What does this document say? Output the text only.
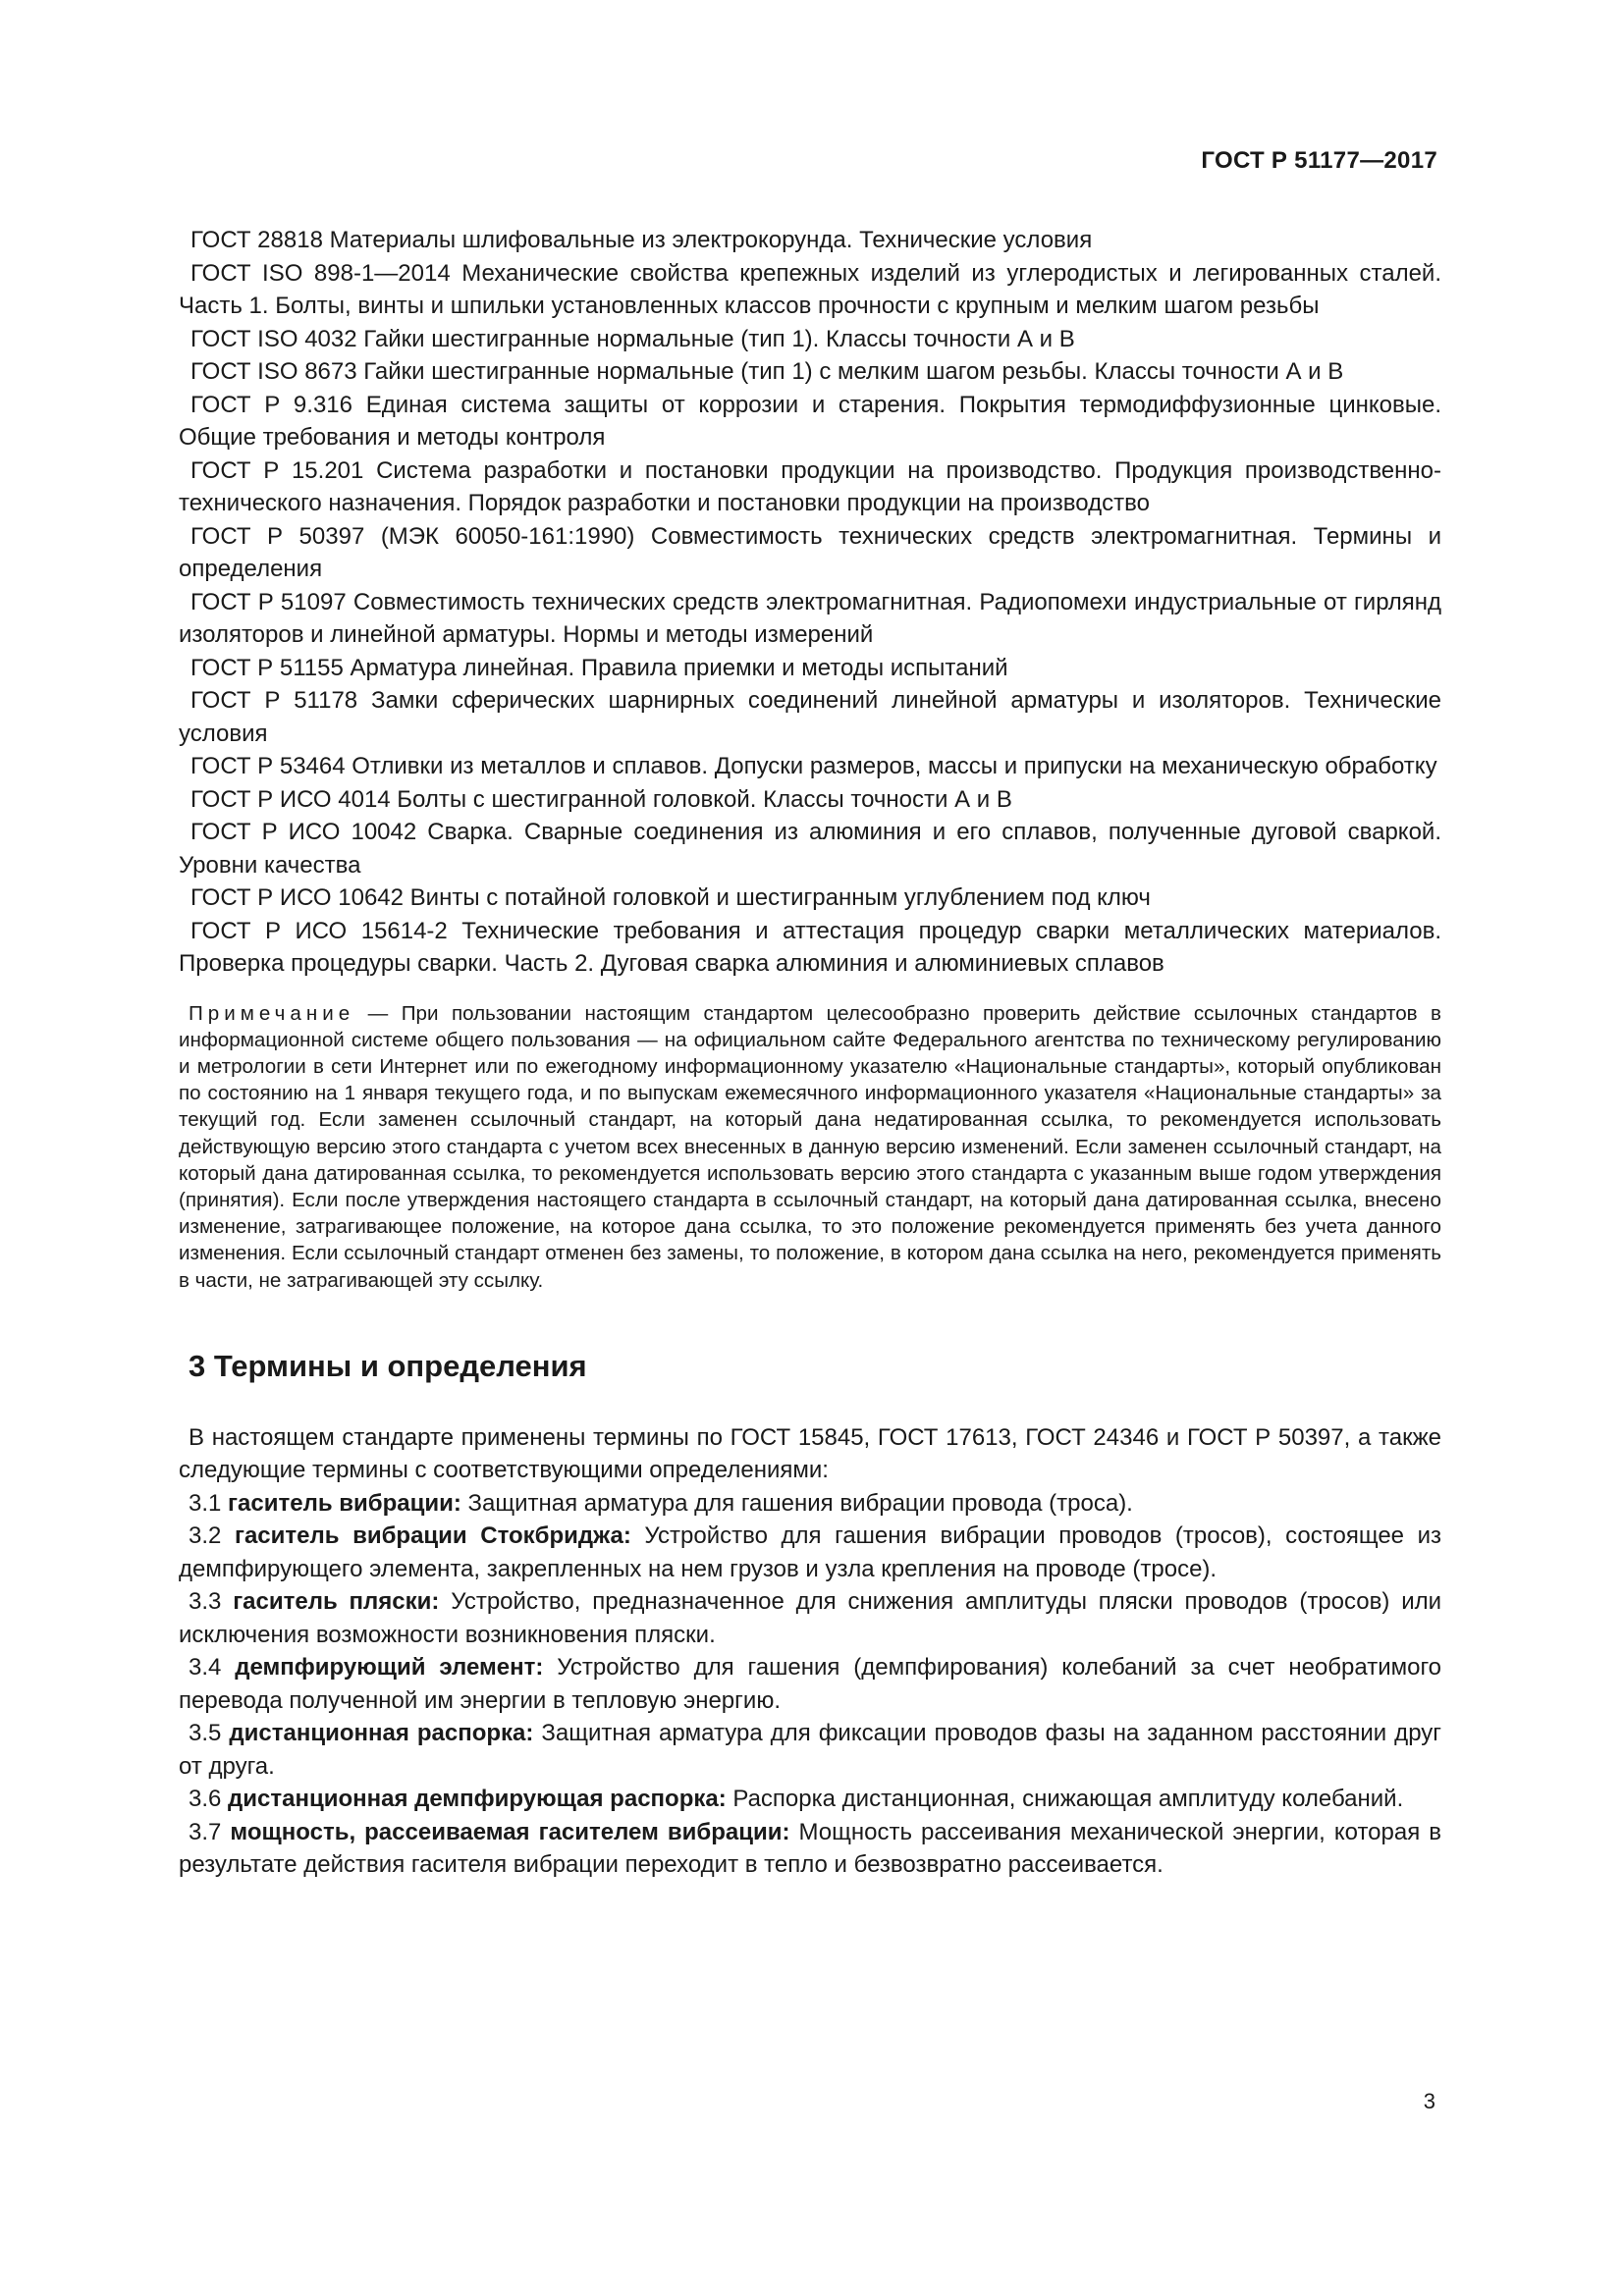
ГОСТ Р 51177—2017

ГОСТ 28818 Материалы шлифовальные из электрокорунда. Технические условия

ГОСТ ISO 898-1—2014 Механические свойства крепежных изделий из углеродистых и легированных сталей. Часть 1. Болты, винты и шпильки установленных классов прочности с крупным и мелким шагом резьбы

ГОСТ ISO 4032 Гайки шестигранные нормальные (тип 1). Классы точности А и В

ГОСТ ISO 8673 Гайки шестигранные нормальные (тип 1) с мелким шагом резьбы. Классы точности А и В

ГОСТ Р 9.316 Единая система защиты от коррозии и старения. Покрытия термодиффузионные цинковые. Общие требования и методы контроля

ГОСТ Р 15.201 Система разработки и постановки продукции на производство. Продукция производственно-технического назначения. Порядок разработки и постановки продукции на производство

ГОСТ Р 50397 (МЭК 60050-161:1990) Совместимость технических средств электромагнитная. Термины и определения

ГОСТ Р 51097 Совместимость технических средств электромагнитная. Радиопомехи индустриальные от гирлянд изоляторов и линейной арматуры. Нормы и методы измерений

ГОСТ Р 51155 Арматура линейная. Правила приемки и методы испытаний

ГОСТ Р 51178 Замки сферических шарнирных соединений линейной арматуры и изоляторов. Технические условия

ГОСТ Р 53464 Отливки из металлов и сплавов. Допуски размеров, массы и припуски на механическую обработку

ГОСТ Р ИСО 4014 Болты с шестигранной головкой. Классы точности А и В

ГОСТ Р ИСО 10042 Сварка. Сварные соединения из алюминия и его сплавов, полученные дуговой сваркой. Уровни качества

ГОСТ Р ИСО 10642 Винты с потайной головкой и шестигранным углублением под ключ

ГОСТ Р ИСО 15614-2 Технические требования и аттестация процедур сварки металлических материалов. Проверка процедуры сварки. Часть 2. Дуговая сварка алюминия и алюминиевых сплавов

Примечание — При пользовании настоящим стандартом целесообразно проверить действие ссылочных стандартов в информационной системе общего пользования — на официальном сайте Федерального агентства по техническому регулированию и метрологии в сети Интернет или по ежегодному информационному указателю «Национальные стандарты», который опубликован по состоянию на 1 января текущего года, и по выпускам ежемесячного информационного указателя «Национальные стандарты» за текущий год. Если заменен ссылочный стандарт, на который дана недатированная ссылка, то рекомендуется использовать действующую версию этого стандарта с учетом всех внесенных в данную версию изменений. Если заменен ссылочный стандарт, на который дана датированная ссылка, то рекомендуется использовать версию этого стандарта с указанным выше годом утверждения (принятия). Если после утверждения настоящего стандарта в ссылочный стандарт, на который дана датированная ссылка, внесено изменение, затрагивающее положение, на которое дана ссылка, то это положение рекомендуется применять без учета данного изменения. Если ссылочный стандарт отменен без замены, то положение, в котором дана ссылка на него, рекомендуется применять в части, не затрагивающей эту ссылку.

3 Термины и определения

В настоящем стандарте применены термины по ГОСТ 15845, ГОСТ 17613, ГОСТ 24346 и ГОСТ Р 50397, а также следующие термины с соответствующими определениями:

3.1 гаситель вибрации: Защитная арматура для гашения вибрации провода (троса).

3.2 гаситель вибрации Стокбриджа: Устройство для гашения вибрации проводов (тросов), состоящее из демпфирующего элемента, закрепленных на нем грузов и узла крепления на проводе (тросе).

3.3 гаситель пляски: Устройство, предназначенное для снижения амплитуды пляски проводов (тросов) или исключения возможности возникновения пляски.

3.4 демпфирующий элемент: Устройство для гашения (демпфирования) колебаний за счет необратимого перевода полученной им энергии в тепловую энергию.

3.5 дистанционная распорка: Защитная арматура для фиксации проводов фазы на заданном расстоянии друг от друга.

3.6 дистанционная демпфирующая распорка: Распорка дистанционная, снижающая амплитуду колебаний.

3.7 мощность, рассеиваемая гасителем вибрации: Мощность рассеивания механической энергии, которая в результате действия гасителя вибрации переходит в тепло и безвозвратно рассеивается.

3
